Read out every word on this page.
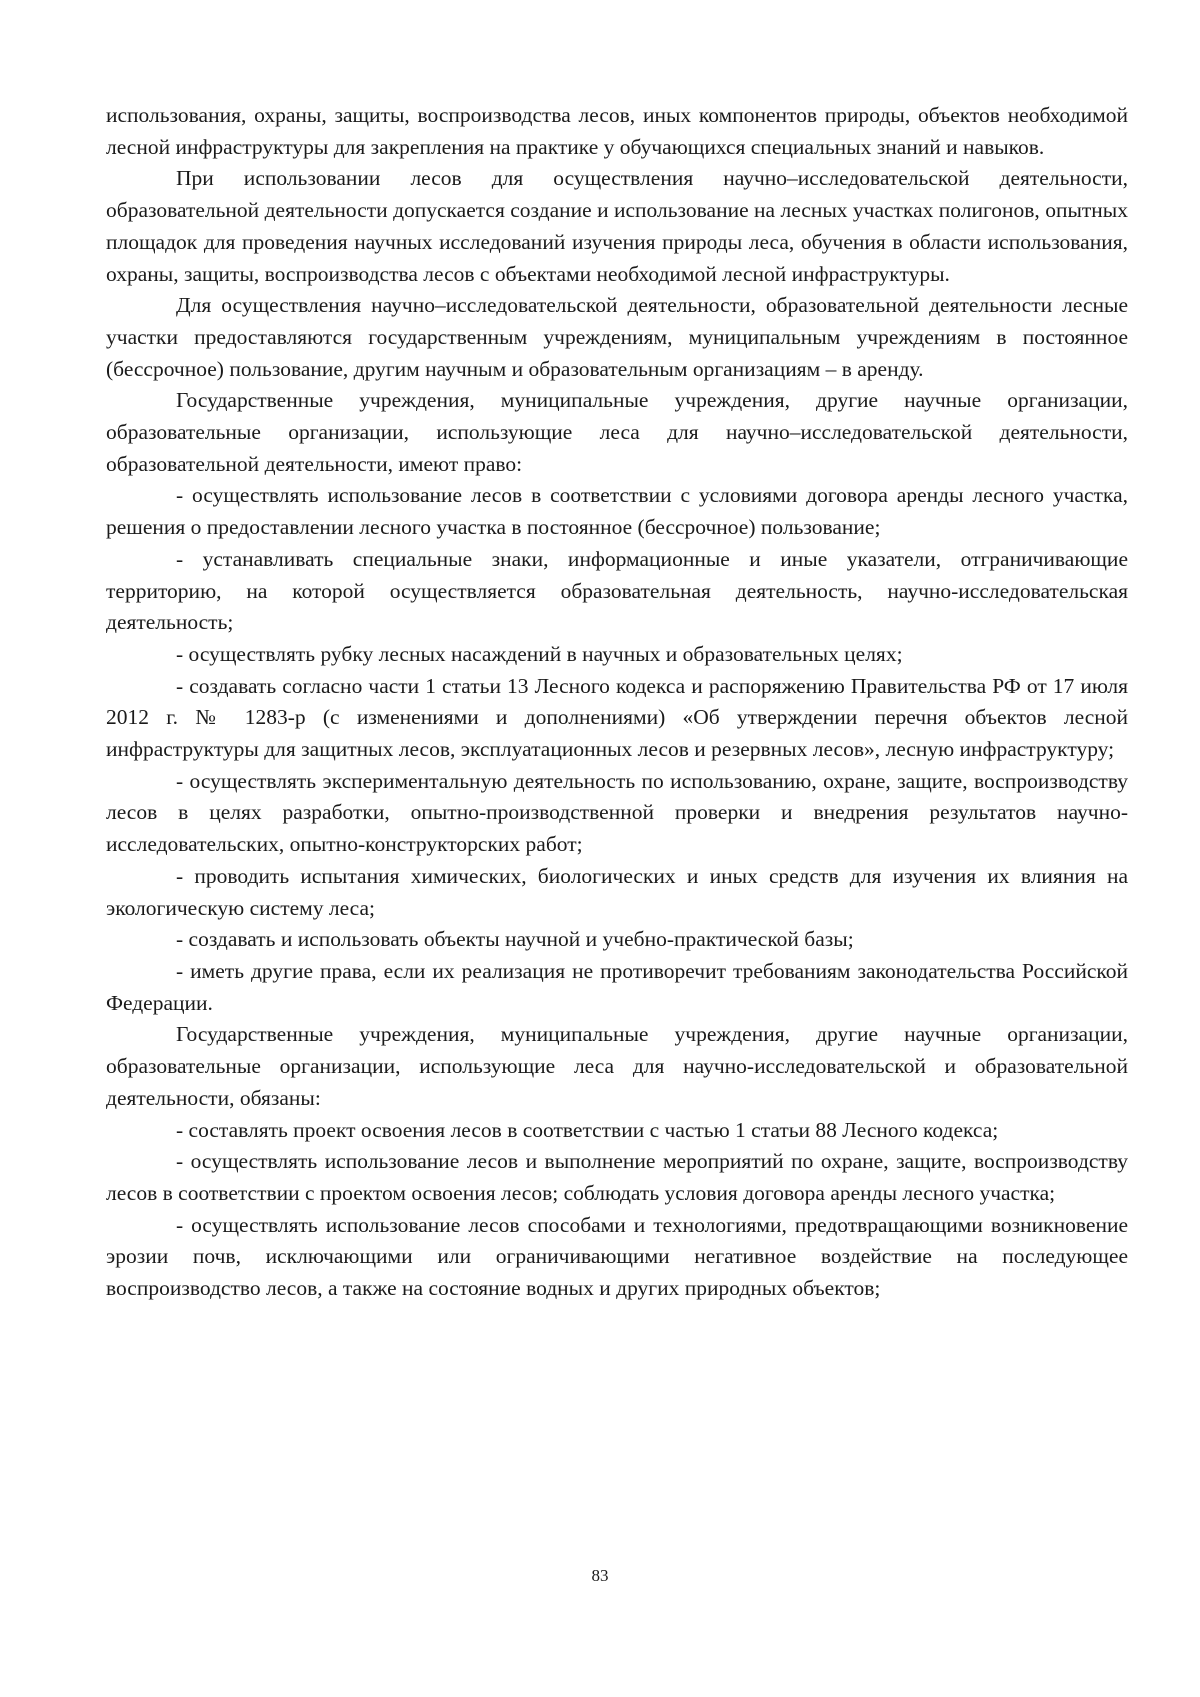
использования, охраны, защиты, воспроизводства лесов, иных компонентов природы, объектов необходимой лесной инфраструктуры для закрепления на практике у обучающихся специальных знаний и навыков.

При использовании лесов для осуществления научно–исследовательской деятельности, образовательной деятельности допускается создание и использование на лесных участках полигонов, опытных площадок для проведения научных исследований изучения природы леса, обучения в области использования, охраны, защиты, воспроизводства лесов с объектами необходимой лесной инфраструктуры.

Для осуществления научно–исследовательской деятельности, образовательной деятельности лесные участки предоставляются государственным учреждениям, муниципальным учреждениям в постоянное (бессрочное) пользование, другим научным и образовательным организациям – в аренду.

Государственные учреждения, муниципальные учреждения, другие научные организации, образовательные организации, использующие леса для научно–исследовательской деятельности, образовательной деятельности, имеют право:

- осуществлять использование лесов в соответствии с условиями договора аренды лесного участка, решения о предоставлении лесного участка в постоянное (бессрочное) пользование;

- устанавливать специальные знаки, информационные и иные указатели, отграничивающие территорию, на которой осуществляется образовательная деятельность, научно-исследовательская деятельность;

- осуществлять рубку лесных насаждений в научных и образовательных целях;

- создавать согласно части 1 статьи 13 Лесного кодекса и распоряжению Правительства РФ от 17 июля 2012 г. № 1283-р (с изменениями и дополнениями) «Об утверждении перечня объектов лесной инфраструктуры для защитных лесов, эксплуатационных лесов и резервных лесов», лесную инфраструктуру;

- осуществлять экспериментальную деятельность по использованию, охране, защите, воспроизводству лесов в целях разработки, опытно-производственной проверки и внедрения результатов научно-исследовательских, опытно-конструкторских работ;

- проводить испытания химических, биологических и иных средств для изучения их влияния на экологическую систему леса;

- создавать и использовать объекты научной и учебно-практической базы;

- иметь другие права, если их реализация не противоречит требованиям законодательства Российской Федерации.

Государственные учреждения, муниципальные учреждения, другие научные организации, образовательные организации, использующие леса для научно-исследовательской и образовательной деятельности, обязаны:

- составлять проект освоения лесов в соответствии с частью 1 статьи 88 Лесного кодекса;

- осуществлять использование лесов и выполнение мероприятий по охране, защите, воспроизводству лесов в соответствии с проектом освоения лесов; соблюдать условия договора аренды лесного участка;

- осуществлять использование лесов способами и технологиями, предотвращающими возникновение эрозии почв, исключающими или ограничивающими негативное воздействие на последующее воспроизводство лесов, а также на состояние водных и других природных объектов;

83
